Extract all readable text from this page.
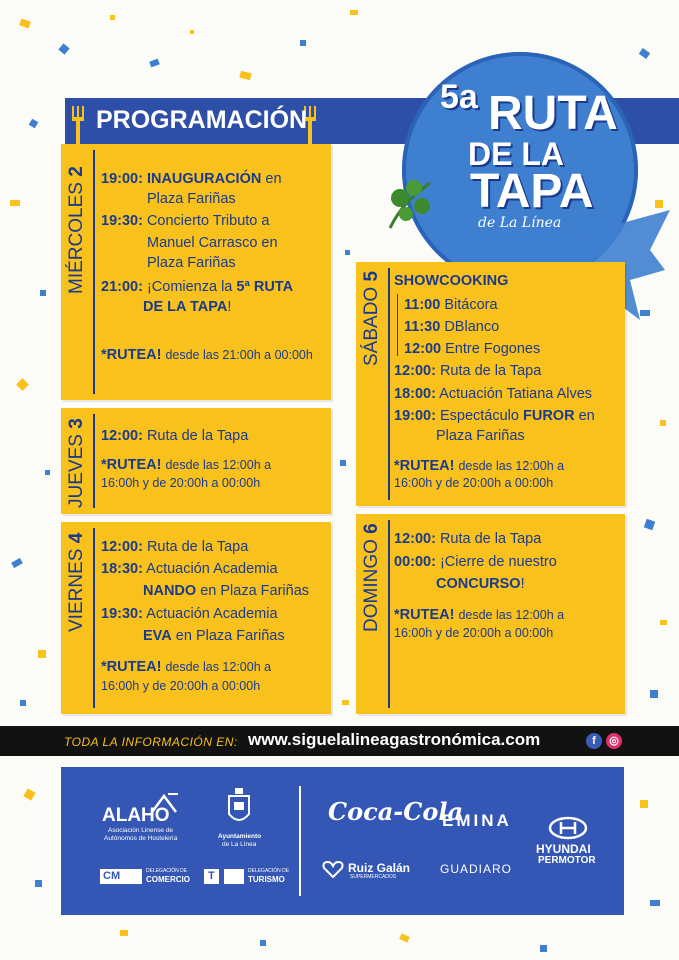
PROGRAMACIÓN
5a RUTA
DE LA
TAPA
de La Línea
MIÉRCOLES 2 19:00: INAUGURACIÓN en
Plaza Fariñas
19:30: Concierto Tributo a
Manuel Carrasco en
Plaza Fariñas
21:00: ¡Comienza la 5ª RUTA
DE LA TAPA!
*RUTEA! desde las 21:00h a 00:00h
JUEVES 3
12:00: Ruta de la Tapa
*RUTEA! desde las 12:00h a
16:00h y de 20:00h a 00:00h
VIERNES 4
12:00: Ruta de la Tapa
18:30: Actuación Academia
NANDO en Plaza Fariñas
19:30: Actuación Academia
EVA en Plaza Fariñas
*RUTEA! desde las 12:00h a
16:00h y de 20:00h a 00:00h
SÁBADO 5 SHOWCOOKING
11:00 Bitácora
11:30 DBlanco
12:00 Entre Fogones
12:00: Ruta de la Tapa
18:00: Actuación Tatiana Alves
19:00: Espectáculo FUROR en
Plaza Fariñas
*RUTEA! desde las 12:00h a
16:00h y de 20:00h a 00:00h
DOMINGO 6
12:00: Ruta de la Tapa
00:00: ¡Cierre de nuestro
CONCURSO!
*RUTEA! desde las 12:00h a
16:00h y de 20:00h a 00:00h
TODA LA INFORMACIÓN EN: www.siguelalineagastronómica.com	f	◎
ALAHO
Asociación Linense de
Autónomos de Hostelería	Ayuntamiento
de La Línea
CM	DELEGACIÓN DE
COMERCIO	T	DELEGACIÓN DE
TURISMO
Coca-Cola
EMINA
HYUNDAI
PERMOTOR
Ruiz Galán
SUPERMERCADOS
GUADIARO
